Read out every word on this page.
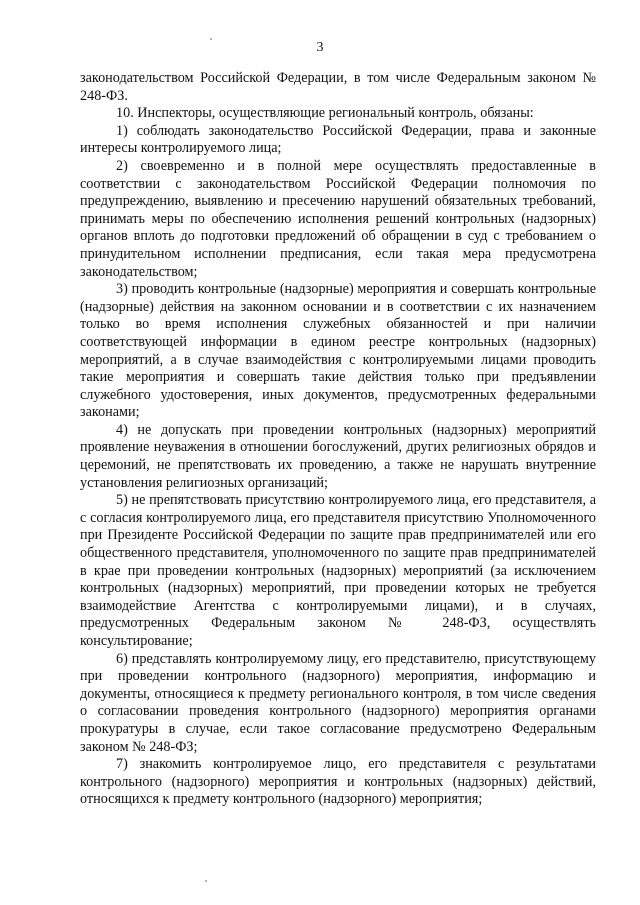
3

законодательством Российской Федерации, в том числе Федеральным законом № 248-ФЗ.

10. Инспекторы, осуществляющие региональный контроль, обязаны:

1) соблюдать законодательство Российской Федерации, права и законные интересы контролируемого лица;

2) своевременно и в полной мере осуществлять предоставленные в соответствии с законодательством Российской Федерации полномочия по предупреждению, выявлению и пресечению нарушений обязательных требований, принимать меры по обеспечению исполнения решений контрольных (надзорных) органов вплоть до подготовки предложений об обращении в суд с требованием о принудительном исполнении предписания, если такая мера предусмотрена законодательством;

3) проводить контрольные (надзорные) мероприятия и совершать контрольные (надзорные) действия на законном основании и в соответствии с их назначением только во время исполнения служебных обязанностей и при наличии соответствующей информации в едином реестре контрольных (надзорных) мероприятий, а в случае взаимодействия с контролируемыми лицами проводить такие мероприятия и совершать такие действия только при предъявлении служебного удостоверения, иных документов, предусмотренных федеральными законами;

4) не допускать при проведении контрольных (надзорных) мероприятий проявление неуважения в отношении богослужений, других религиозных обрядов и церемоний, не препятствовать их проведению, а также не нарушать внутренние установления религиозных организаций;

5) не препятствовать присутствию контролируемого лица, его представителя, а с согласия контролируемого лица, его представителя присутствию Уполномоченного при Президенте Российской Федерации по защите прав предпринимателей или его общественного представителя, уполномоченного по защите прав предпринимателей в крае при проведении контрольных (надзорных) мероприятий (за исключением контрольных (надзорных) мероприятий, при проведении которых не требуется взаимодействие Агентства с контролируемыми лицами), и в случаях, предусмотренных Федеральным законом № 248-ФЗ, осуществлять консультирование;

6) представлять контролируемому лицу, его представителю, присутствующему при проведении контрольного (надзорного) мероприятия, информацию и документы, относящиеся к предмету регионального контроля, в том числе сведения о согласовании проведения контрольного (надзорного) мероприятия органами прокуратуры в случае, если такое согласование предусмотрено Федеральным законом № 248-ФЗ;

7) знакомить контролируемое лицо, его представителя с результатами контрольного (надзорного) мероприятия и контрольных (надзорных) действий, относящихся к предмету контрольного (надзорного) мероприятия;
